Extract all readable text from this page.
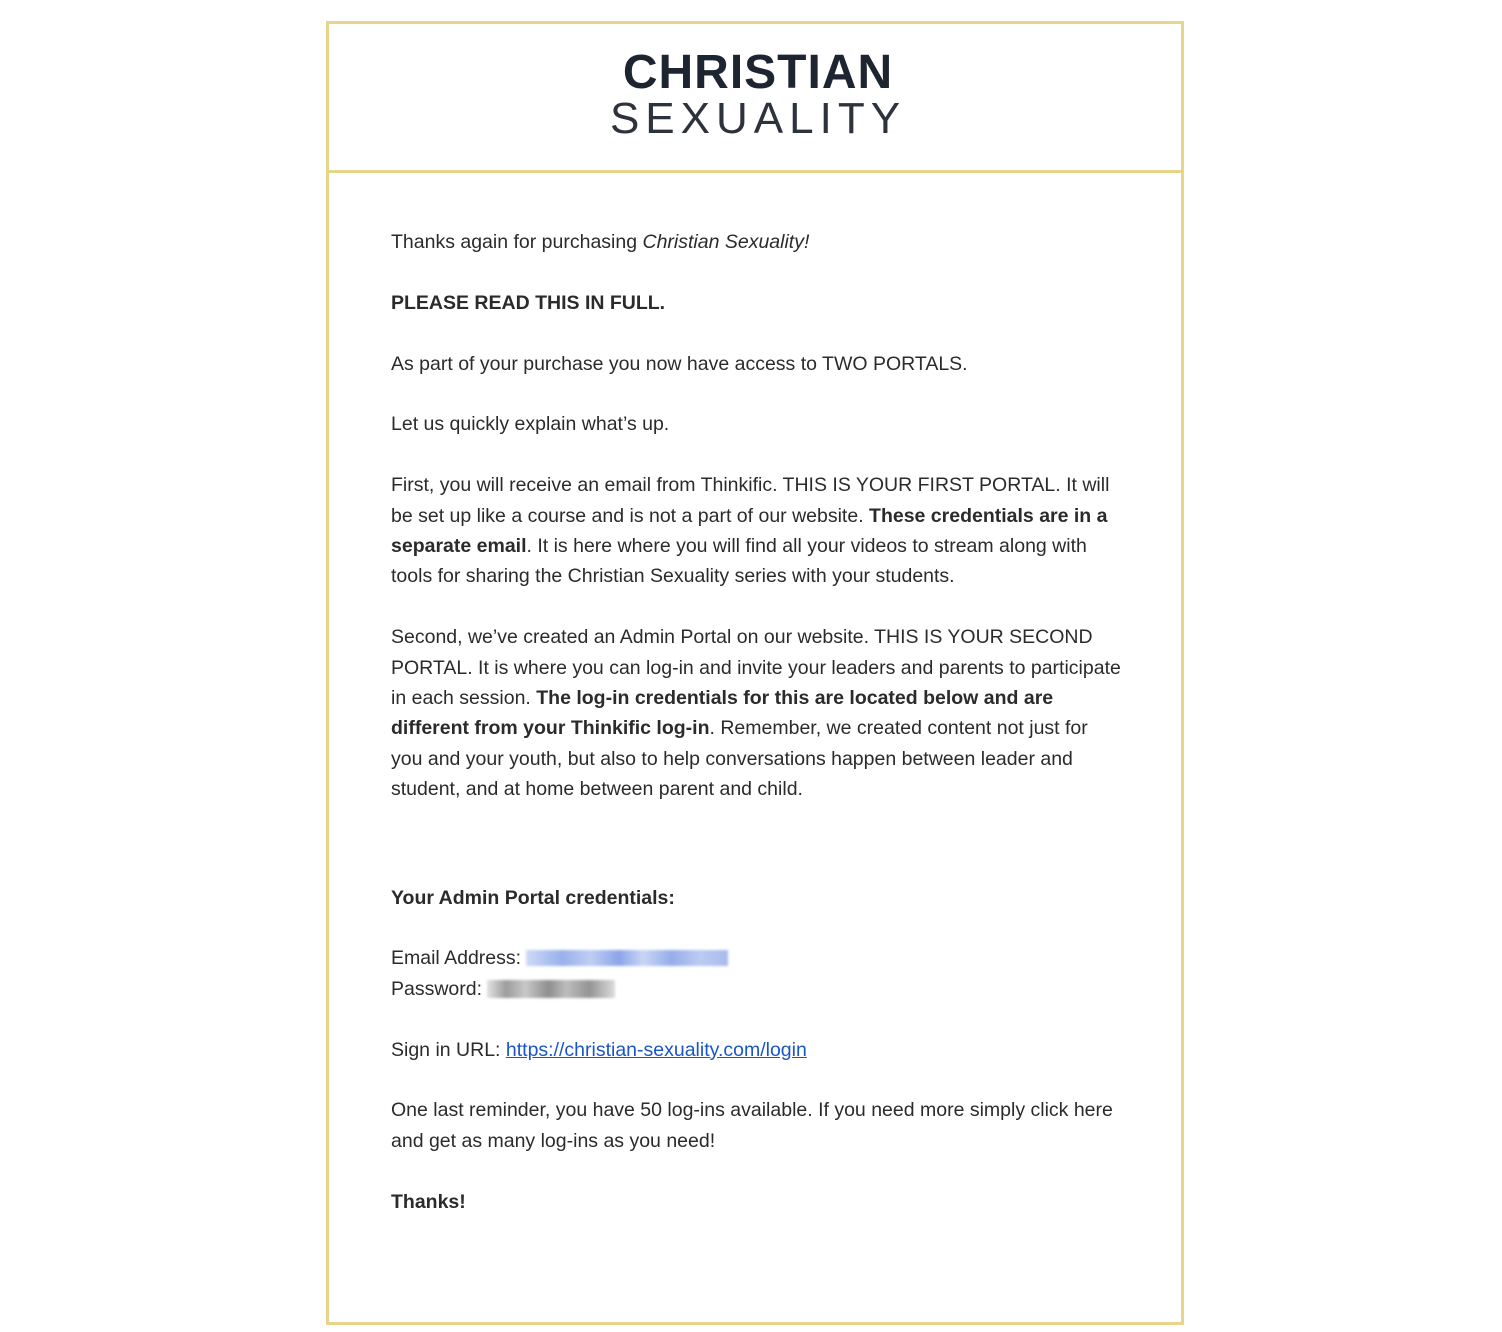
CHRISTIAN
SEXUALITY

Thanks again for purchasing Christian Sexuality!

PLEASE READ THIS IN FULL.

As part of your purchase you now have access to TWO PORTALS.

Let us quickly explain what’s up.

First, you will receive an email from Thinkific. THIS IS YOUR FIRST PORTAL. It will be set up like a course and is not a part of our website. These credentials are in a separate email. It is here where you will find all your videos to stream along with tools for sharing the Christian Sexuality series with your students.

Second, we’ve created an Admin Portal on our website. THIS IS YOUR SECOND PORTAL. It is where you can log-in and invite your leaders and parents to participate in each session. The log-in credentials for this are located below and are different from your Thinkific log-in. Remember, we created content not just for you and your youth, but also to help conversations happen between leader and student, and at home between parent and child.

Your Admin Portal credentials:

Email Address:
Password:

Sign in URL: https://christian-sexuality.com/login

One last reminder, you have 50 log-ins available. If you need more simply click here and get as many log-ins as you need!

Thanks!
